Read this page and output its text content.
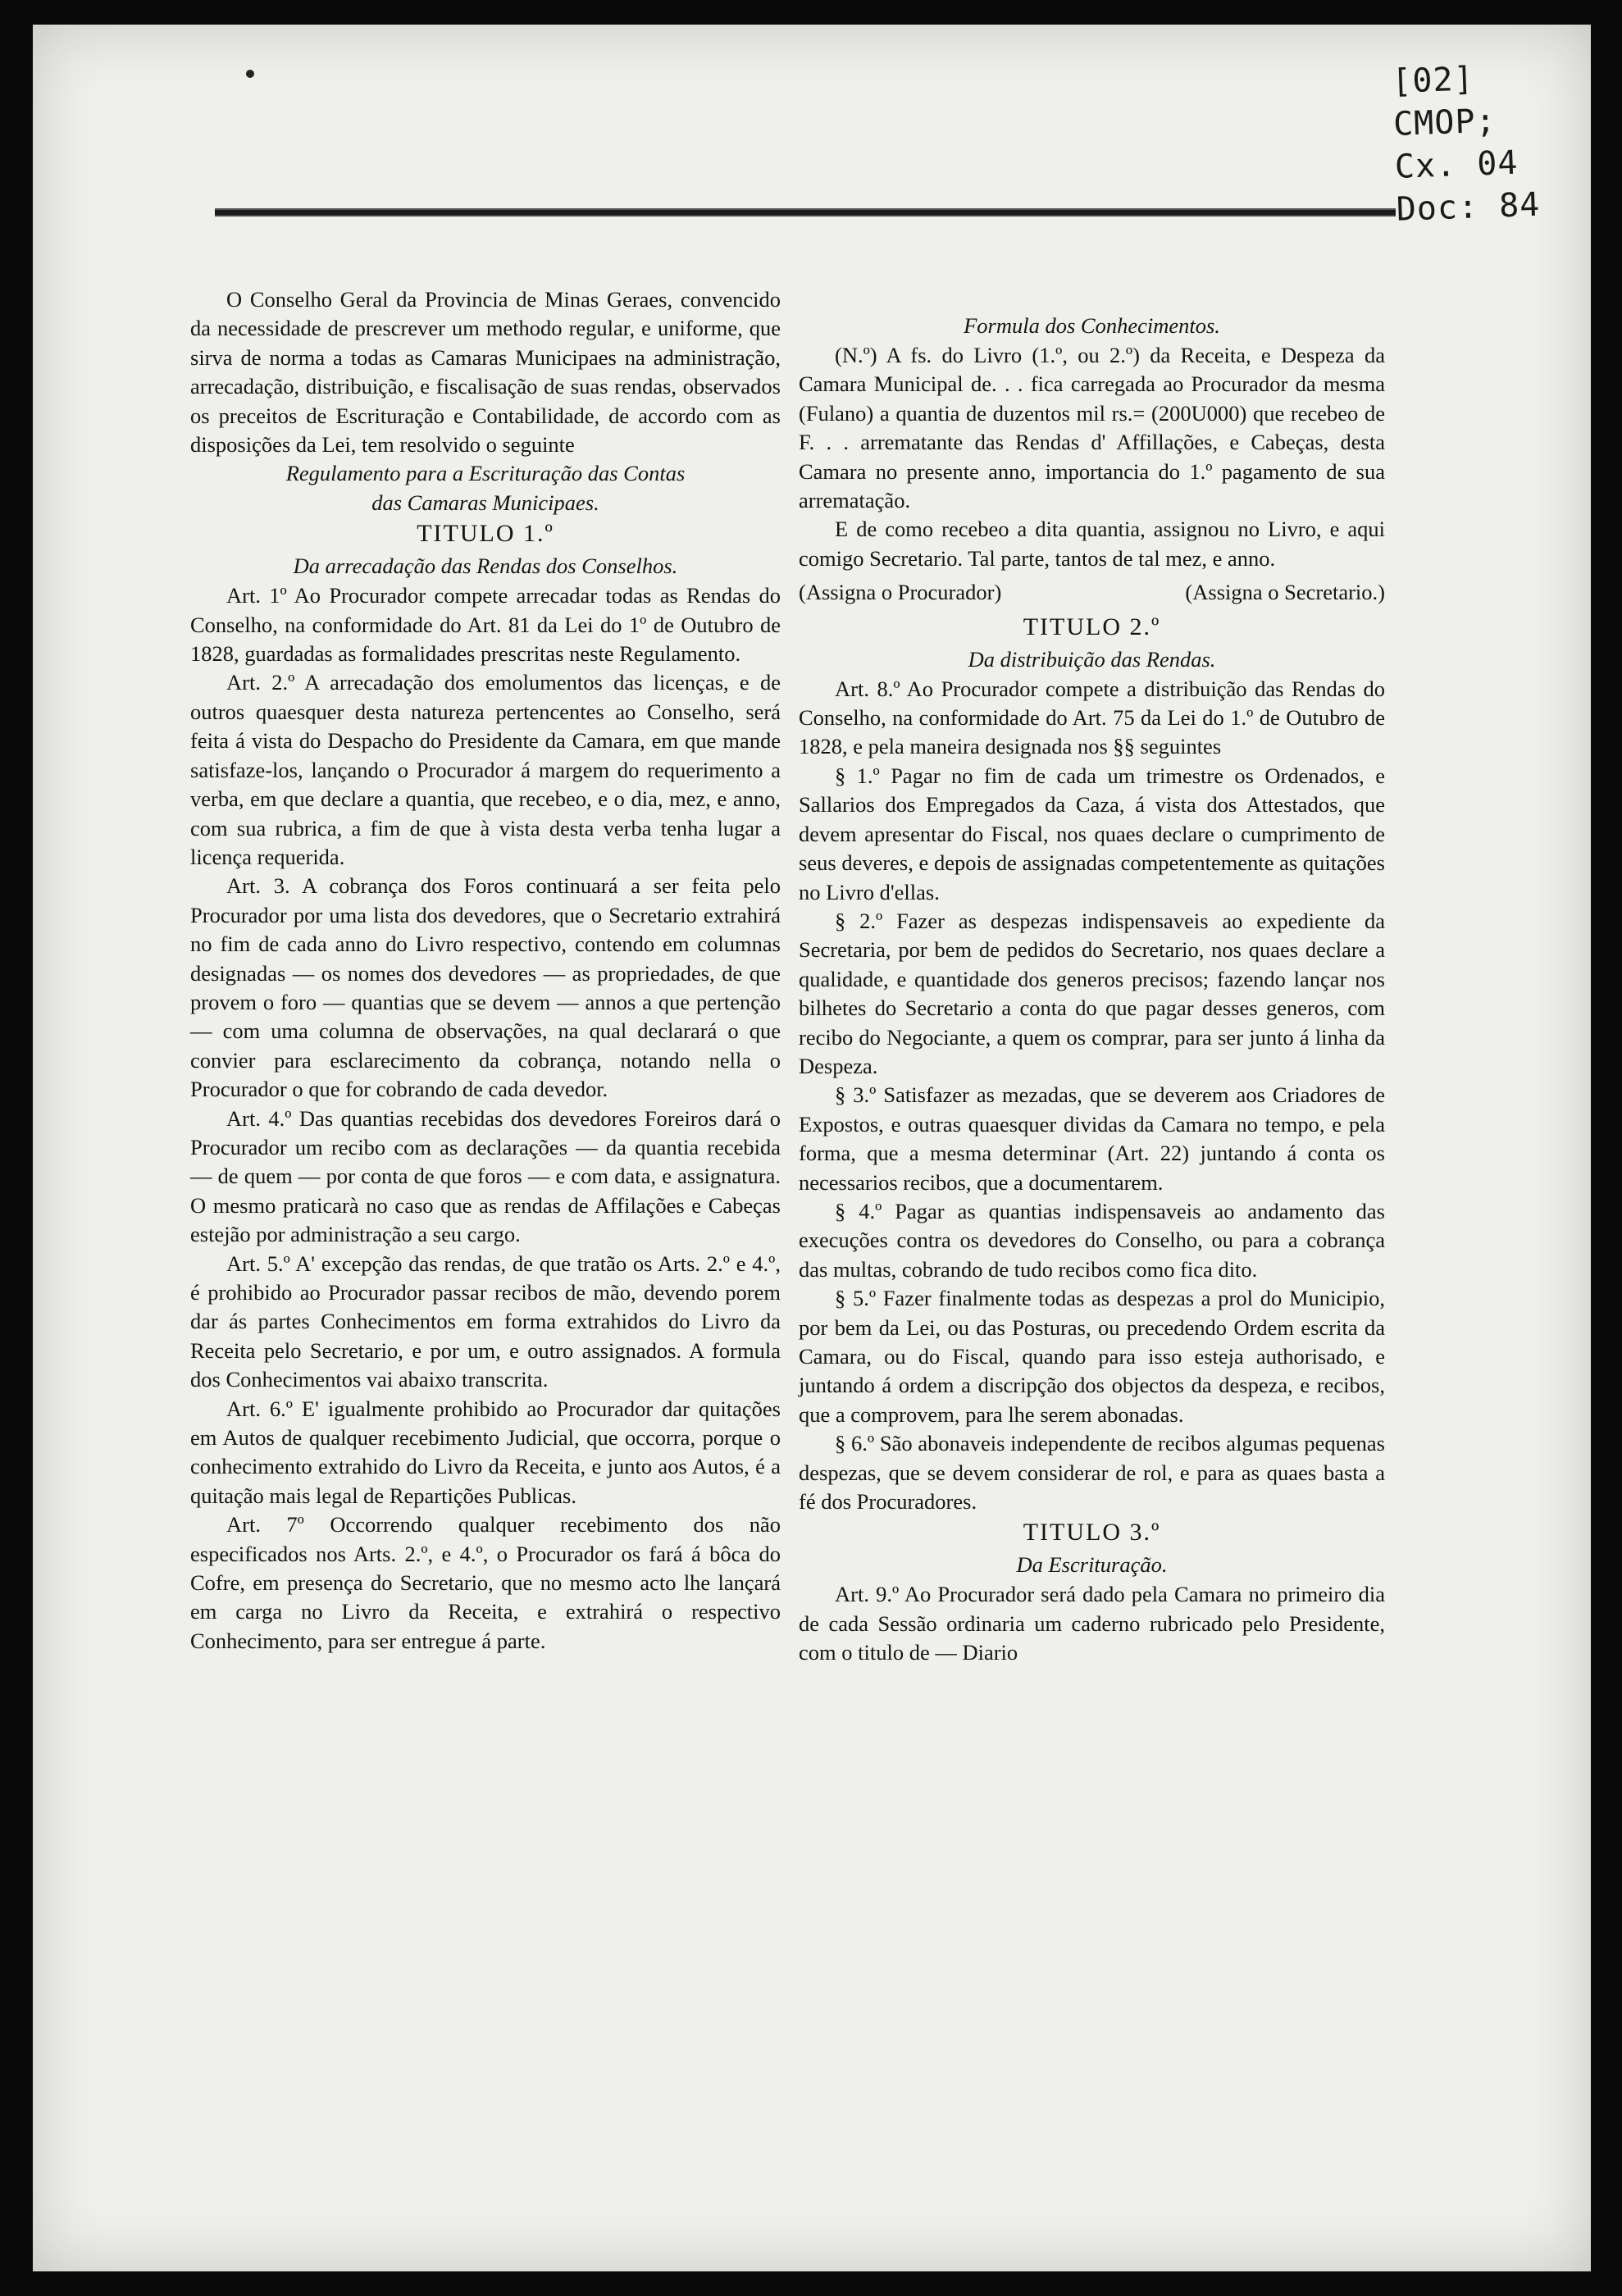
[02]
CMOP;
Cx. 04
Doc: 84

O Conselho Geral da Provincia de Minas Geraes, convencido da necessidade de prescrever um methodo regular, e uniforme, que sirva de norma a todas as Camaras Municipaes na administração, arrecadação, distribuição, e fiscalisação de suas rendas, observados os preceitos de Escrituração e Contabilidade, de accordo com as disposições da Lei, tem resolvido o seguinte

Regulamento para a Escrituração das Contas

das Camaras Municipaes.

TITULO 1.º

Da arrecadação das Rendas dos Conselhos.

Art. 1º Ao Procurador compete arrecadar todas as Rendas do Conselho, na conformidade do Art. 81 da Lei do 1º de Outubro de 1828, guardadas as formalidades prescritas neste Regulamento.

Art. 2.º A arrecadação dos emolumentos das licenças, e de outros quaesquer desta natureza pertencentes ao Conselho, será feita á vista do Despacho do Presidente da Camara, em que mande satisfaze-los, lançando o Procurador á margem do requerimento a verba, em que declare a quantia, que recebeo, e o dia, mez, e anno, com sua rubrica, a fim de que à vista desta verba tenha lugar a licença requerida.

Art. 3. A cobrança dos Foros continuará a ser feita pelo Procurador por uma lista dos devedores, que o Secretario extrahirá no fim de cada anno do Livro respectivo, contendo em columnas designadas — os nomes dos devedores — as propriedades, de que provem o foro — quantias que se devem — annos a que pertenção — com uma columna de observações, na qual declarará o que convier para esclarecimento da cobrança, notando nella o Procurador o que for cobrando de cada devedor.

Art. 4.º Das quantias recebidas dos devedores Foreiros dará o Procurador um recibo com as declarações — da quantia recebida — de quem — por conta de que foros — e com data, e assignatura. O mesmo praticarà no caso que as rendas de Affilações e Cabeças estejão por administração a seu cargo.

Art. 5.º A' excepção das rendas, de que tratão os Arts. 2.º e 4.º, é prohibido ao Procurador passar recibos de mão, devendo porem dar ás partes Conhecimentos em forma extrahidos do Livro da Receita pelo Secretario, e por um, e outro assignados. A formula dos Conhecimentos vai abaixo transcrita.

Art. 6.º E' igualmente prohibido ao Procurador dar quitações em Autos de qualquer recebimento Judicial, que occorra, porque o conhecimento extrahido do Livro da Receita, e junto aos Autos, é a quitação mais legal de Repartições Publicas.

Art. 7º Occorrendo qualquer recebimento dos não especificados nos Arts. 2.º, e 4.º, o Procurador os fará á bôca do Cofre, em presença do Secretario, que no mesmo acto lhe lançará em carga no Livro da Receita, e extrahirá o respectivo Conhecimento, para ser entregue á parte.

Formula dos Conhecimentos.

(N.º) A fs. do Livro (1.º, ou 2.º) da Receita, e Despeza da Camara Municipal de. . . fica carregada ao Procurador da mesma (Fulano) a quantia de duzentos mil rs.= (200U000) que recebeo de F. . . arrematante das Rendas d' Affillações, e Cabeças, desta Camara no presente anno, importancia do 1.º pagamento de sua arrematação.

E de como recebeo a dita quantia, assignou no Livro, e aqui comigo Secretario. Tal parte, tantos de tal mez, e anno.

(Assigna o Procurador)	(Assigna o Secretario.)

TITULO 2.º

Da distribuição das Rendas.

Art. 8.º Ao Procurador compete a distribuição das Rendas do Conselho, na conformidade do Art. 75 da Lei do 1.º de Outubro de 1828, e pela maneira designada nos §§ seguintes

§ 1.º Pagar no fim de cada um trimestre os Ordenados, e Sallarios dos Empregados da Caza, á vista dos Attestados, que devem apresentar do Fiscal, nos quaes declare o cumprimento de seus deveres, e depois de assignadas competentemente as quitações no Livro d'ellas.

§ 2.º Fazer as despezas indispensaveis ao expediente da Secretaria, por bem de pedidos do Secretario, nos quaes declare a qualidade, e quantidade dos generos precisos; fazendo lançar nos bilhetes do Secretario a conta do que pagar desses generos, com recibo do Negociante, a quem os comprar, para ser junto á linha da Despeza.

§ 3.º Satisfazer as mezadas, que se deverem aos Criadores de Expostos, e outras quaesquer dividas da Camara no tempo, e pela forma, que a mesma determinar (Art. 22) juntando á conta os necessarios recibos, que a documentarem.

§ 4.º Pagar as quantias indispensaveis ao andamento das execuções contra os devedores do Conselho, ou para a cobrança das multas, cobrando de tudo recibos como fica dito.

§ 5.º Fazer finalmente todas as despezas a prol do Municipio, por bem da Lei, ou das Posturas, ou precedendo Ordem escrita da Camara, ou do Fiscal, quando para isso esteja authorisado, e juntando á ordem a discripção dos objectos da despeza, e recibos, que a comprovem, para lhe serem abonadas.

§ 6.º São abonaveis independente de recibos algumas pequenas despezas, que se devem considerar de rol, e para as quaes basta a fé dos Procuradores.

TITULO 3.º

Da Escrituração.

Art. 9.º Ao Procurador será dado pela Camara no primeiro dia de cada Sessão ordinaria um caderno rubricado pelo Presidente, com o titulo de — Diario
